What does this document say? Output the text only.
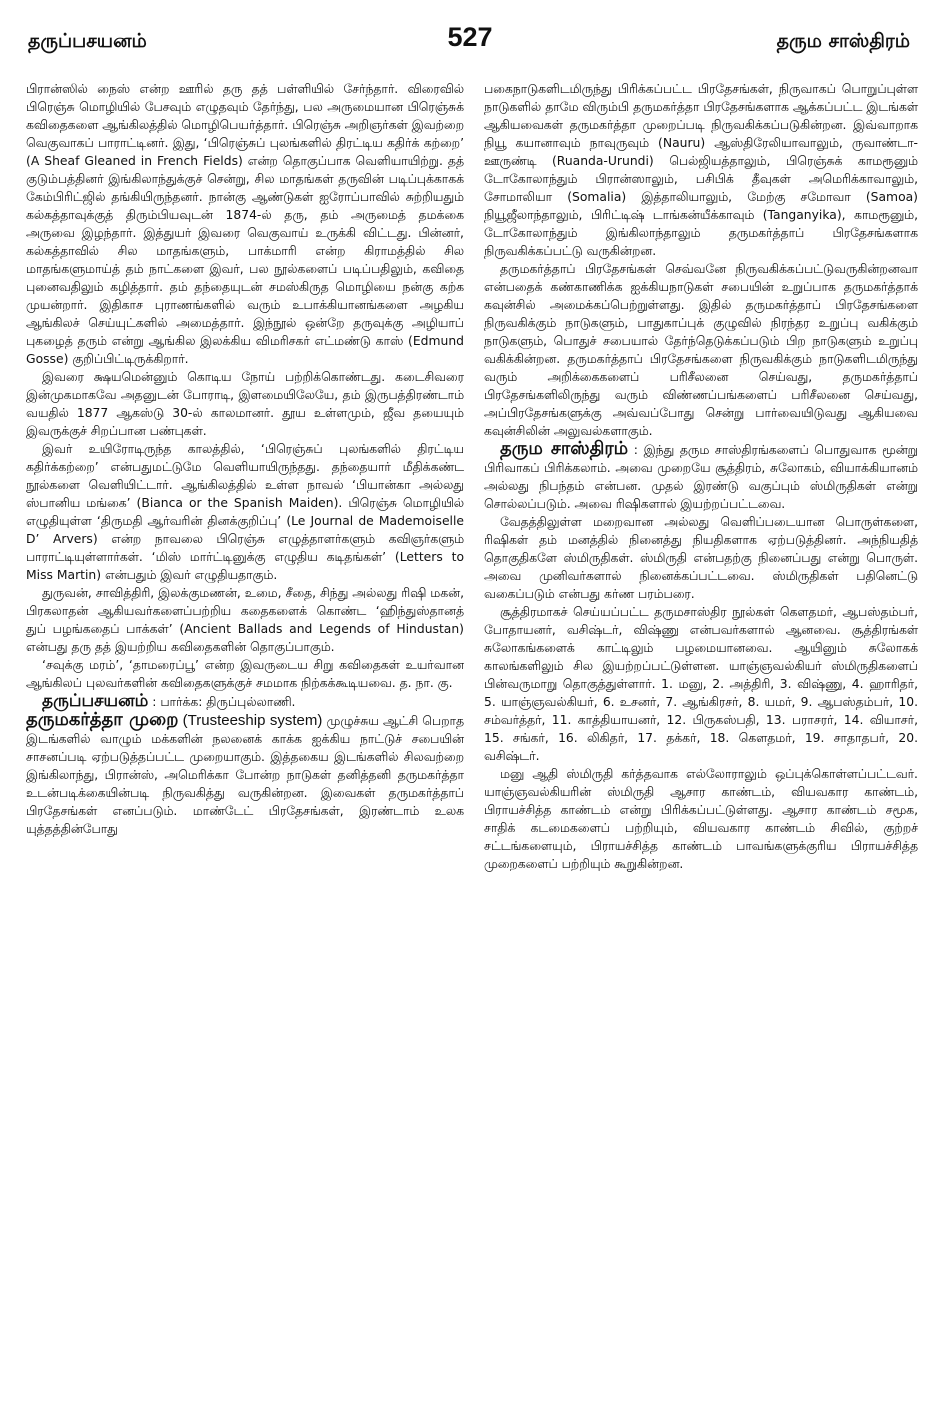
தருப்பசயனம்	527	தரும சாஸ்திரம்

பிரான்ஸில் நைஸ் என்ற ஊரில் தரு தத் பள்ளியில் சேர்ந்தார். விரைவில் பிரெஞ்சு மொழியில் பேசவும் எழுதவும் தேர்ந்து, பல அருமையான பிரெஞ்சுக் கவிதைகளை ஆங்கிலத்தில் மொழிபெயர்த்தார். பிரெஞ்சு அறிஞர்கள் இவற்றை வெகுவாகப் பாராட்டினர். இது, ‘பிரெஞ்சுப் புலங்களில் திரட்டிய கதிர்க் கற்றை’ (A Sheaf Gleaned in French Fields) என்ற தொகுப்பாக வெளியாயிற்று. தத் குடும்பத்தினர் இங்கிலாந்துக்குச் சென்று, சில மாதங்கள் தருவின் படிப்புக்காகக் கேம்பிரிட்ஜில் தங்கியிருந்தனர். நான்கு ஆண்டுகள் ஐரோப்பாவில் சுற்றியதும் கல்கத்தாவுக்குத் திரும்பியவுடன் 1874-ல் தரு, தம் அருமைத் தமக்கை அருவை இழந்தார். இத்துயர் இவரை வெகுவாய் உருக்கி விட்டது. பின்னர், கல்கத்தாவில் சில மாதங்களும், பாக்மாரி என்ற கிராமத்தில் சில மாதங்களுமாய்த் தம் நாட்களை இவர், பல நூல்களைப் படிப்பதிலும், கவிதை புனைவதிலும் கழித்தார். தம் தந்தையுடன் சமஸ்கிருத மொழியை நன்கு கற்க முயன்றார். இதிகாச புராணங்களில் வரும் உபாக்கியானங்களை அழகிய ஆங்கிலச் செய்யுட்களில் அமைத்தார். இந்நூல் ஒன்றே தருவுக்கு அழியாப் புகழைத் தரும் என்று ஆங்கில இலக்கிய விமரிசகர் எட்மண்டு காஸ் (Edmund Gosse) குறிப்பிட்டிருக்கிறார்.

இவரை க்ஷயமென்னும் கொடிய நோய் பற்றிக்கொண்டது. கடைசிவரை இன்முகமாகவே அதனுடன் போராடி, இளமையிலேயே, தம் இருபத்திரண்டாம் வயதில் 1877 ஆகஸ்டு 30-ல் காலமானர். தூய உள்ளமும், ஜீவ தயையும் இவருக்குச் சிறப்பான பண்புகள்.

இவர் உயிரோடிருந்த காலத்தில், ‘பிரெஞ்சுப் புலங்களில் திரட்டிய கதிர்க்கற்றை’ என்பதுமட்டுமே வெளியாயிருந்தது. தந்தையார் மீதிக்கண்ட நூல்களை வெளியிட்டார். ஆங்கிலத்தில் உள்ள நாவல் ‘பியான்கா அல்லது ஸ்பானிய மங்கை’ (Bianca or the Spanish Maiden). பிரெஞ்சு மொழியில் எழுதியுள்ள ‘திருமதி ஆர்வரின் தினக்குறிப்பு’ (Le Journal de Mademoiselle D’ Arvers) என்ற நாவலை பிரெஞ்சு எழுத்தாளர்களும் கவிஞர்களும் பாராட்டியுள்ளார்கள். ‘மிஸ் மார்ட்டினுக்கு எழுதிய கடிதங்கள்’ (Letters to Miss Martin) என்பதும் இவர் எழுதியதாகும்.

துருவன், சாவித்திரி, இலக்குமணன், உமை, சீதை, சிந்து அல்லது ரிஷி மகன், பிரகலாதன் ஆகியவர்களைப்பற்றிய கதைகளைக் கொண்ட ‘ஹிந்துஸ்தானத் துப் பழங்கதைப் பாக்கள்’ (Ancient Ballads and Legends of Hindustan) என்பது தரு தத் இயற்றிய கவிதைகளின் தொகுப்பாகும்.

‘சவுக்கு மரம்’, ‘தாமரைப்பூ’ என்ற இவருடைய சிறு கவிதைகள் உயர்வான ஆங்கிலப் புலவர்களின் கவிதைகளுக்குச் சமமாக நிற்கக்கூடியவை. த. நா. கு.

தருப்பசயனம் : பார்க்க: திருப்புல்லாணி.

தருமகர்த்தா முறை (Trusteeship system) முழுச்சுய ஆட்சி பெறாத இடங்களில் வாழும் மக்களின் நலனைக் காக்க ஐக்கிய நாட்டுச் சபையின் சாசனப்படி ஏற்படுத்தப்பட்ட முறையாகும். இத்தகைய இடங்களில் சிலவற்றை இங்கிலாந்து, பிரான்ஸ், அமெரிக்கா போன்ற நாடுகள் தனித்தனி தருமகர்த்தா உடன்படிக்கையின்படி நிருவகித்து வருகின்றன. இவைகள் தருமகர்த்தாப் பிரதேசங்கள் எனப்படும். மாண்டேட் பிரதேசங்கள், இரண்டாம் உலக யுத்தத்தின்போது

பகைநாடுகளிடமிருந்து பிரிக்கப்பட்ட பிரதேசங்கள், நிருவாகப் பொறுப்புள்ள நாடுகளில் தாமே விரும்பி தருமகர்த்தா பிரதேசங்களாக ஆக்கப்பட்ட இடங்கள் ஆகியவைகள் தருமகர்த்தா முறைப்படி நிருவகிக்கப்படுகின்றன. இவ்வாறாக நியூ கயானாவும் நாவுருவும் (Nauru) ஆஸ்திரேலியாவாலும், ருவாண்டா-ஊருண்டி (Ruanda-Urundi) பெல்ஜியத்தாலும், பிரெஞ்சுக் காமரூனும் டோகோலாந்தும் பிரான்ஸாலும், பசிபிக் தீவுகள் அமெரிக்காவாலும், சோமாலியா (Somalia) இத்தாலியாலும், மேற்கு சமோவா (Samoa) நியூஜீலாந்தாலும், பிரிட்டிஷ் டாங்கன்யீக்காவும் (Tanganyika), காமரூனும், டோகோலாந்தும் இங்கிலாந்தாலும் தருமகர்த்தாப் பிரதேசங்களாக நிருவகிக்கப்பட்டு வருகின்றன.

தருமகர்த்தாப் பிரதேசங்கள் செவ்வனே நிருவகிக்கப்பட்டுவருகின்றனவா என்பதைக் கண்காணிக்க ஐக்கியநாடுகள் சபையின் உறுப்பாக தருமகர்த்தாக் கவுன்சில் அமைக்கப்பெற்றுள்ளது. இதில் தருமகர்த்தாப் பிரதேசங்களை நிருவகிக்கும் நாடுகளும், பாதுகாப்புக் குழுவில் நிரந்தர உறுப்பு வகிக்கும் நாடுகளும், பொதுச் சபையால் தேர்ந்தெடுக்கப்படும் பிற நாடுகளும் உறுப்பு வகிக்கின்றன. தருமகர்த்தாப் பிரதேசங்களை நிருவகிக்கும் நாடுகளிடமிருந்து வரும் அறிக்கைகளைப் பரிசீலனை செய்வது, தருமகர்த்தாப் பிரதேசங்களிலிருந்து வரும் விண்ணப்பங்களைப் பரிசீலனை செய்வது, அப்பிரதேசங்களுக்கு அவ்வப்போது சென்று பார்வையிடுவது ஆகியவை கவுன்சிலின் அலுவல்களாகும்.

தரும சாஸ்திரம் : இந்து தரும சாஸ்திரங்களைப் பொதுவாக மூன்று பிரிவாகப் பிரிக்கலாம். அவை முறையே சூத்திரம், சுலோகம், வியாக்கியானம் அல்லது நிபந்தம் என்பன. முதல் இரண்டு வகுப்பும் ஸ்மிருதிகள் என்று சொல்லப்படும். அவை ரிஷிகளால் இயற்றப்பட்டவை.

வேதத்திலுள்ள மறைவான அல்லது வெளிப்படையான பொருள்களை, ரிஷிகள் தம் மனத்தில் நினைத்து நியதிகளாக ஏற்படுத்தினர். அந்நியதித் தொகுதிகளே ஸ்மிருதிகள். ஸ்மிருதி என்பதற்கு நினைப்பது என்று பொருள். அவை முனிவர்களால் நினைக்கப்பட்டவை. ஸ்மிருதிகள் பதினெட்டு வகைப்படும் என்பது கர்ண பரம்பரை.

சூத்திரமாகச் செய்யப்பட்ட தருமசாஸ்திர நூல்கள் கௌதமர், ஆபஸ்தம்பர், போதாயனர், வசிஷ்டர், விஷ்ணு என்பவர்களால் ஆனவை. சூத்திரங்கள் சுலோகங்களைக் காட்டிலும் பழமையானவை. ஆயினும் சுலோகக் காலங்களிலும் சில இயற்றப்பட்டுள்ளன. யாஞ்ஞவல்கியர் ஸ்மிருதிகளைப் பின்வருமாறு தொகுத்துள்ளார். 1. மனு, 2. அத்திரி, 3. விஷ்ணு, 4. ஹாரிதர், 5. யாஞ்ஞவல்கியர், 6. உசனர், 7. ஆங்கிரசர், 8. யமர், 9. ஆபஸ்தம்பர், 10. சம்வர்த்தர், 11. காத்தியாயனர், 12. பிருகஸ்பதி, 13. பராசரர், 14. வியாசர், 15. சங்கர், 16. லிகிதர், 17. தக்கர், 18. கௌதமர், 19. சாதாதபர், 20. வசிஷ்டர்.

மனு ஆதி ஸ்மிருதி கர்த்தவாக எல்லோராலும் ஒப்புக்கொள்ளப்பட்டவர். யாஞ்ஞவல்கியரின் ஸ்மிருதி ஆசார காண்டம், வியவகார காண்டம், பிராயச்சித்த காண்டம் என்று பிரிக்கப்பட்டுள்ளது. ஆசார காண்டம் சமூக, சாதிக் கடமைகளைப் பற்றியும், வியவகார காண்டம் சிவில், குற்றச் சட்டங்களையும், பிராயச்சித்த காண்டம் பாவங்களுக்குரிய பிராயச்சித்த முறைகளைப் பற்றியும் கூறுகின்றன.
